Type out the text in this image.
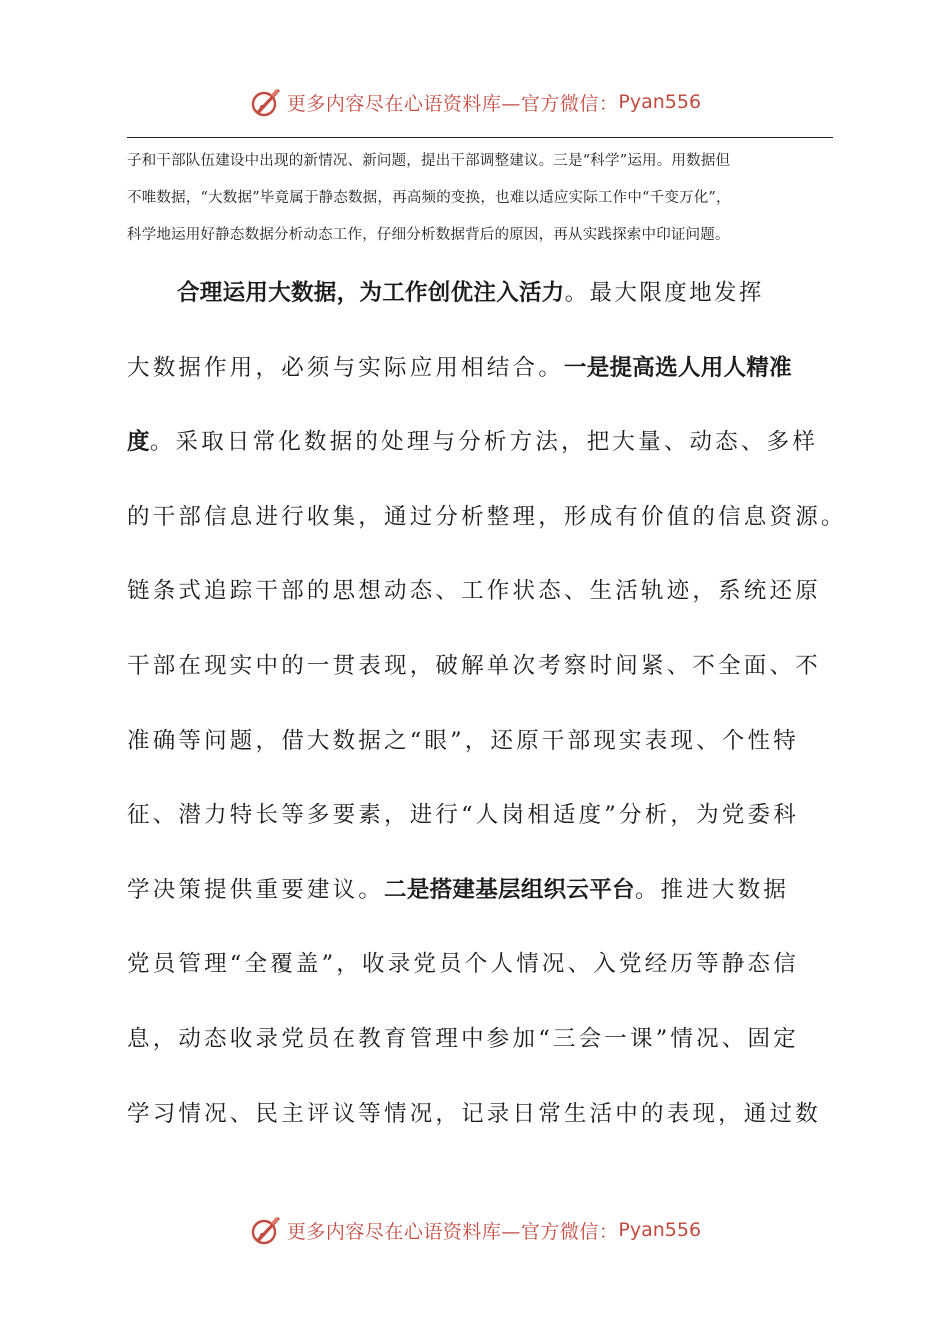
更多内容尽在心语资料库—官方微信： Pyan556
子和干部队伍建设中出现的新情况、新问题，提出干部调整建议。三是“科学”运用。用数据但
不唯数据，“大数据”毕竟属于静态数据，再高频的变换，也难以适应实际工作中“千变万化”，
科学地运用好静态数据分析动态工作，仔细分析数据背后的原因，再从实践探索中印证问题。
合理运用大数据，为工作创优注入活力。最大限度地发挥
大数据作用，必须与实际应用相结合。一是提高选人用人精准
度。采取日常化数据的处理与分析方法，把大量、动态、多样
的干部信息进行收集，通过分析整理，形成有价值的信息资源。
链条式追踪干部的思想动态、工作状态、生活轨迹，系统还原
干部在现实中的一贯表现，破解单次考察时间紧、不全面、不
准确等问题，借大数据之“眼”，还原干部现实表现、个性特
征、潜力特长等多要素，进行“人岗相适度”分析，为党委科
学决策提供重要建议。二是搭建基层组织云平台。推进大数据
党员管理“全覆盖”，收录党员个人情况、入党经历等静态信
息，动态收录党员在教育管理中参加“三会一课”情况、固定
学习情况、民主评议等情况，记录日常生活中的表现，通过数
更多内容尽在心语资料库—官方微信： Pyan556
